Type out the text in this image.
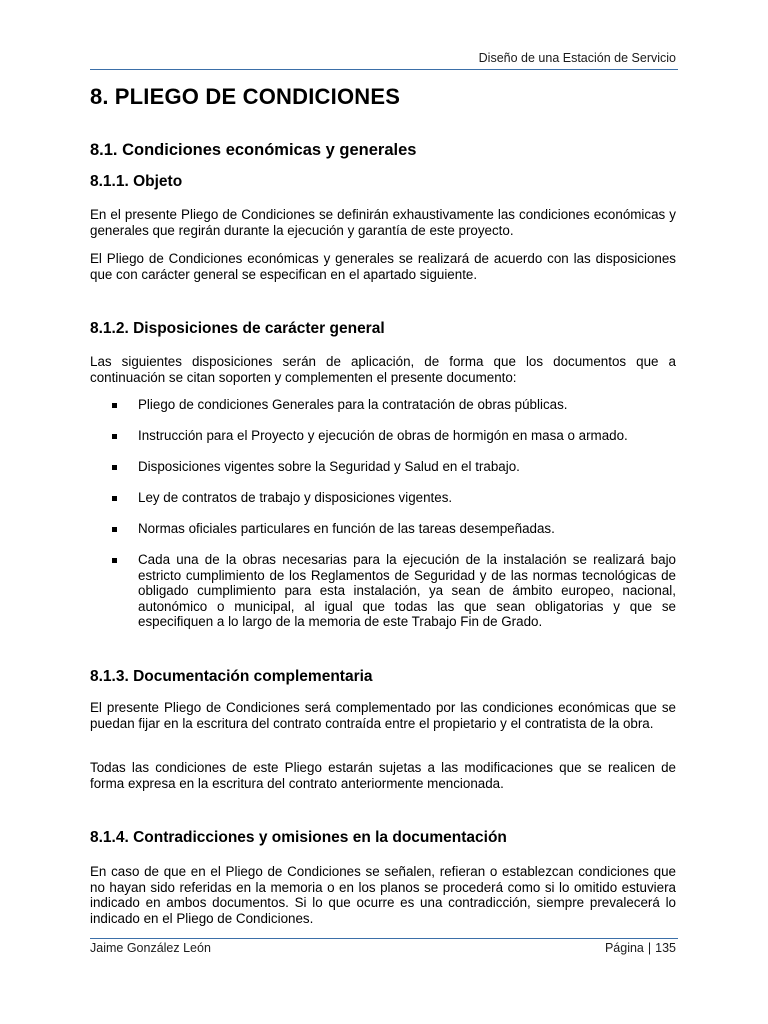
Diseño de una Estación de Servicio
8. PLIEGO DE CONDICIONES
8.1. Condiciones económicas y generales
8.1.1. Objeto

En el presente Pliego de Condiciones se definirán exhaustivamente las condiciones económicas y generales que regirán durante la ejecución y garantía de este proyecto.

El Pliego de Condiciones económicas y generales se realizará de acuerdo con las disposiciones que con carácter general se especifican en el apartado siguiente.

8.1.2. Disposiciones de carácter general

Las siguientes disposiciones serán de aplicación, de forma que los documentos que a continuación se citan soporten y complementen el presente documento:

Pliego de condiciones Generales para la contratación de obras públicas.
Instrucción para el Proyecto y ejecución de obras de hormigón en masa o armado.
Disposiciones vigentes sobre la Seguridad y Salud en el trabajo.
Ley de contratos de trabajo y disposiciones vigentes.
Normas oficiales particulares en función de las tareas desempeñadas.
Cada una de la obras necesarias para la ejecución de la instalación se realizará bajo estricto cumplimiento de los Reglamentos de Seguridad y de las normas tecnológicas de obligado cumplimiento para esta instalación, ya sean de ámbito europeo, nacional, autonómico o municipal, al igual que todas las que sean obligatorias y que se especifiquen a lo largo de la memoria de este Trabajo Fin de Grado.
8.1.3. Documentación complementaria

El presente Pliego de Condiciones será complementado por las condiciones económicas que se puedan fijar en la escritura del contrato contraída entre el propietario y el contratista de la obra.

Todas las condiciones de este Pliego estarán sujetas a las modificaciones que se realicen de forma expresa en la escritura del contrato anteriormente mencionada.

8.1.4. Contradicciones y omisiones en la documentación

En caso de que en el Pliego de Condiciones se señalen, refieran o establezcan condiciones que no hayan sido referidas en la memoria o en los planos se procederá como si lo omitido estuviera indicado en ambos documentos. Si lo que ocurre es una contradicción, siempre prevalecerá lo indicado en el Pliego de Condiciones.

Jaime González León	Página | 135
